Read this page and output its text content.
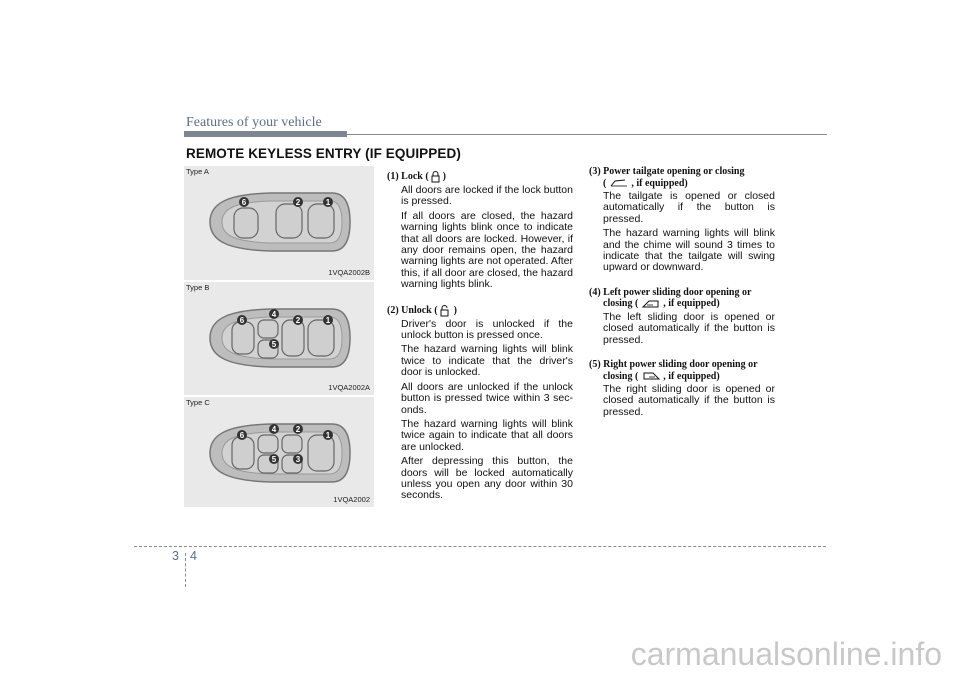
Features of your vehicle
REMOTE KEYLESS ENTRY (IF EQUIPPED)
Type A
6	2	1
1VQA2002B
Type B
6
4
5
2	1
1VQA2002A
Type C
6
4
5
2
3
1
1VQA2002
(1) Lock ( )

All doors are locked if the lock button is pressed.

If all doors are closed, the hazard warning lights blink once to indicate that all doors are locked. However, if any door remains open, the hazard warning lights are not operated. After this, if all door are closed, the hazard warning lights blink.

(2) Unlock ( )

Driver's door is unlocked if the unlock button is pressed once.

The hazard warning lights will blink twice to indicate that the driver's door is unlocked.

All doors are unlocked if the unlock button is pressed twice within 3 sec-onds.

The hazard warning lights will blink twice again to indicate that all doors are unlocked.

After depressing this button, the doors will be locked automatically unless you open any door within 30 seconds.

(3) Power tailgate opening or closing
(	, if equipped)

The tailgate is opened or closed automatically if the button is pressed.

The hazard warning lights will blink and the chime will sound 3 times to indicate that the tailgate will swing upward or downward.

(4) Left power sliding door opening or
closing (	, if equipped)

The left sliding door is opened or closed automatically if the button is pressed.

(5) Right power sliding door opening or
closing (	, if equipped)

The right sliding door is opened or closed automatically if the button is pressed.

3 4
carmanualsonline.info
